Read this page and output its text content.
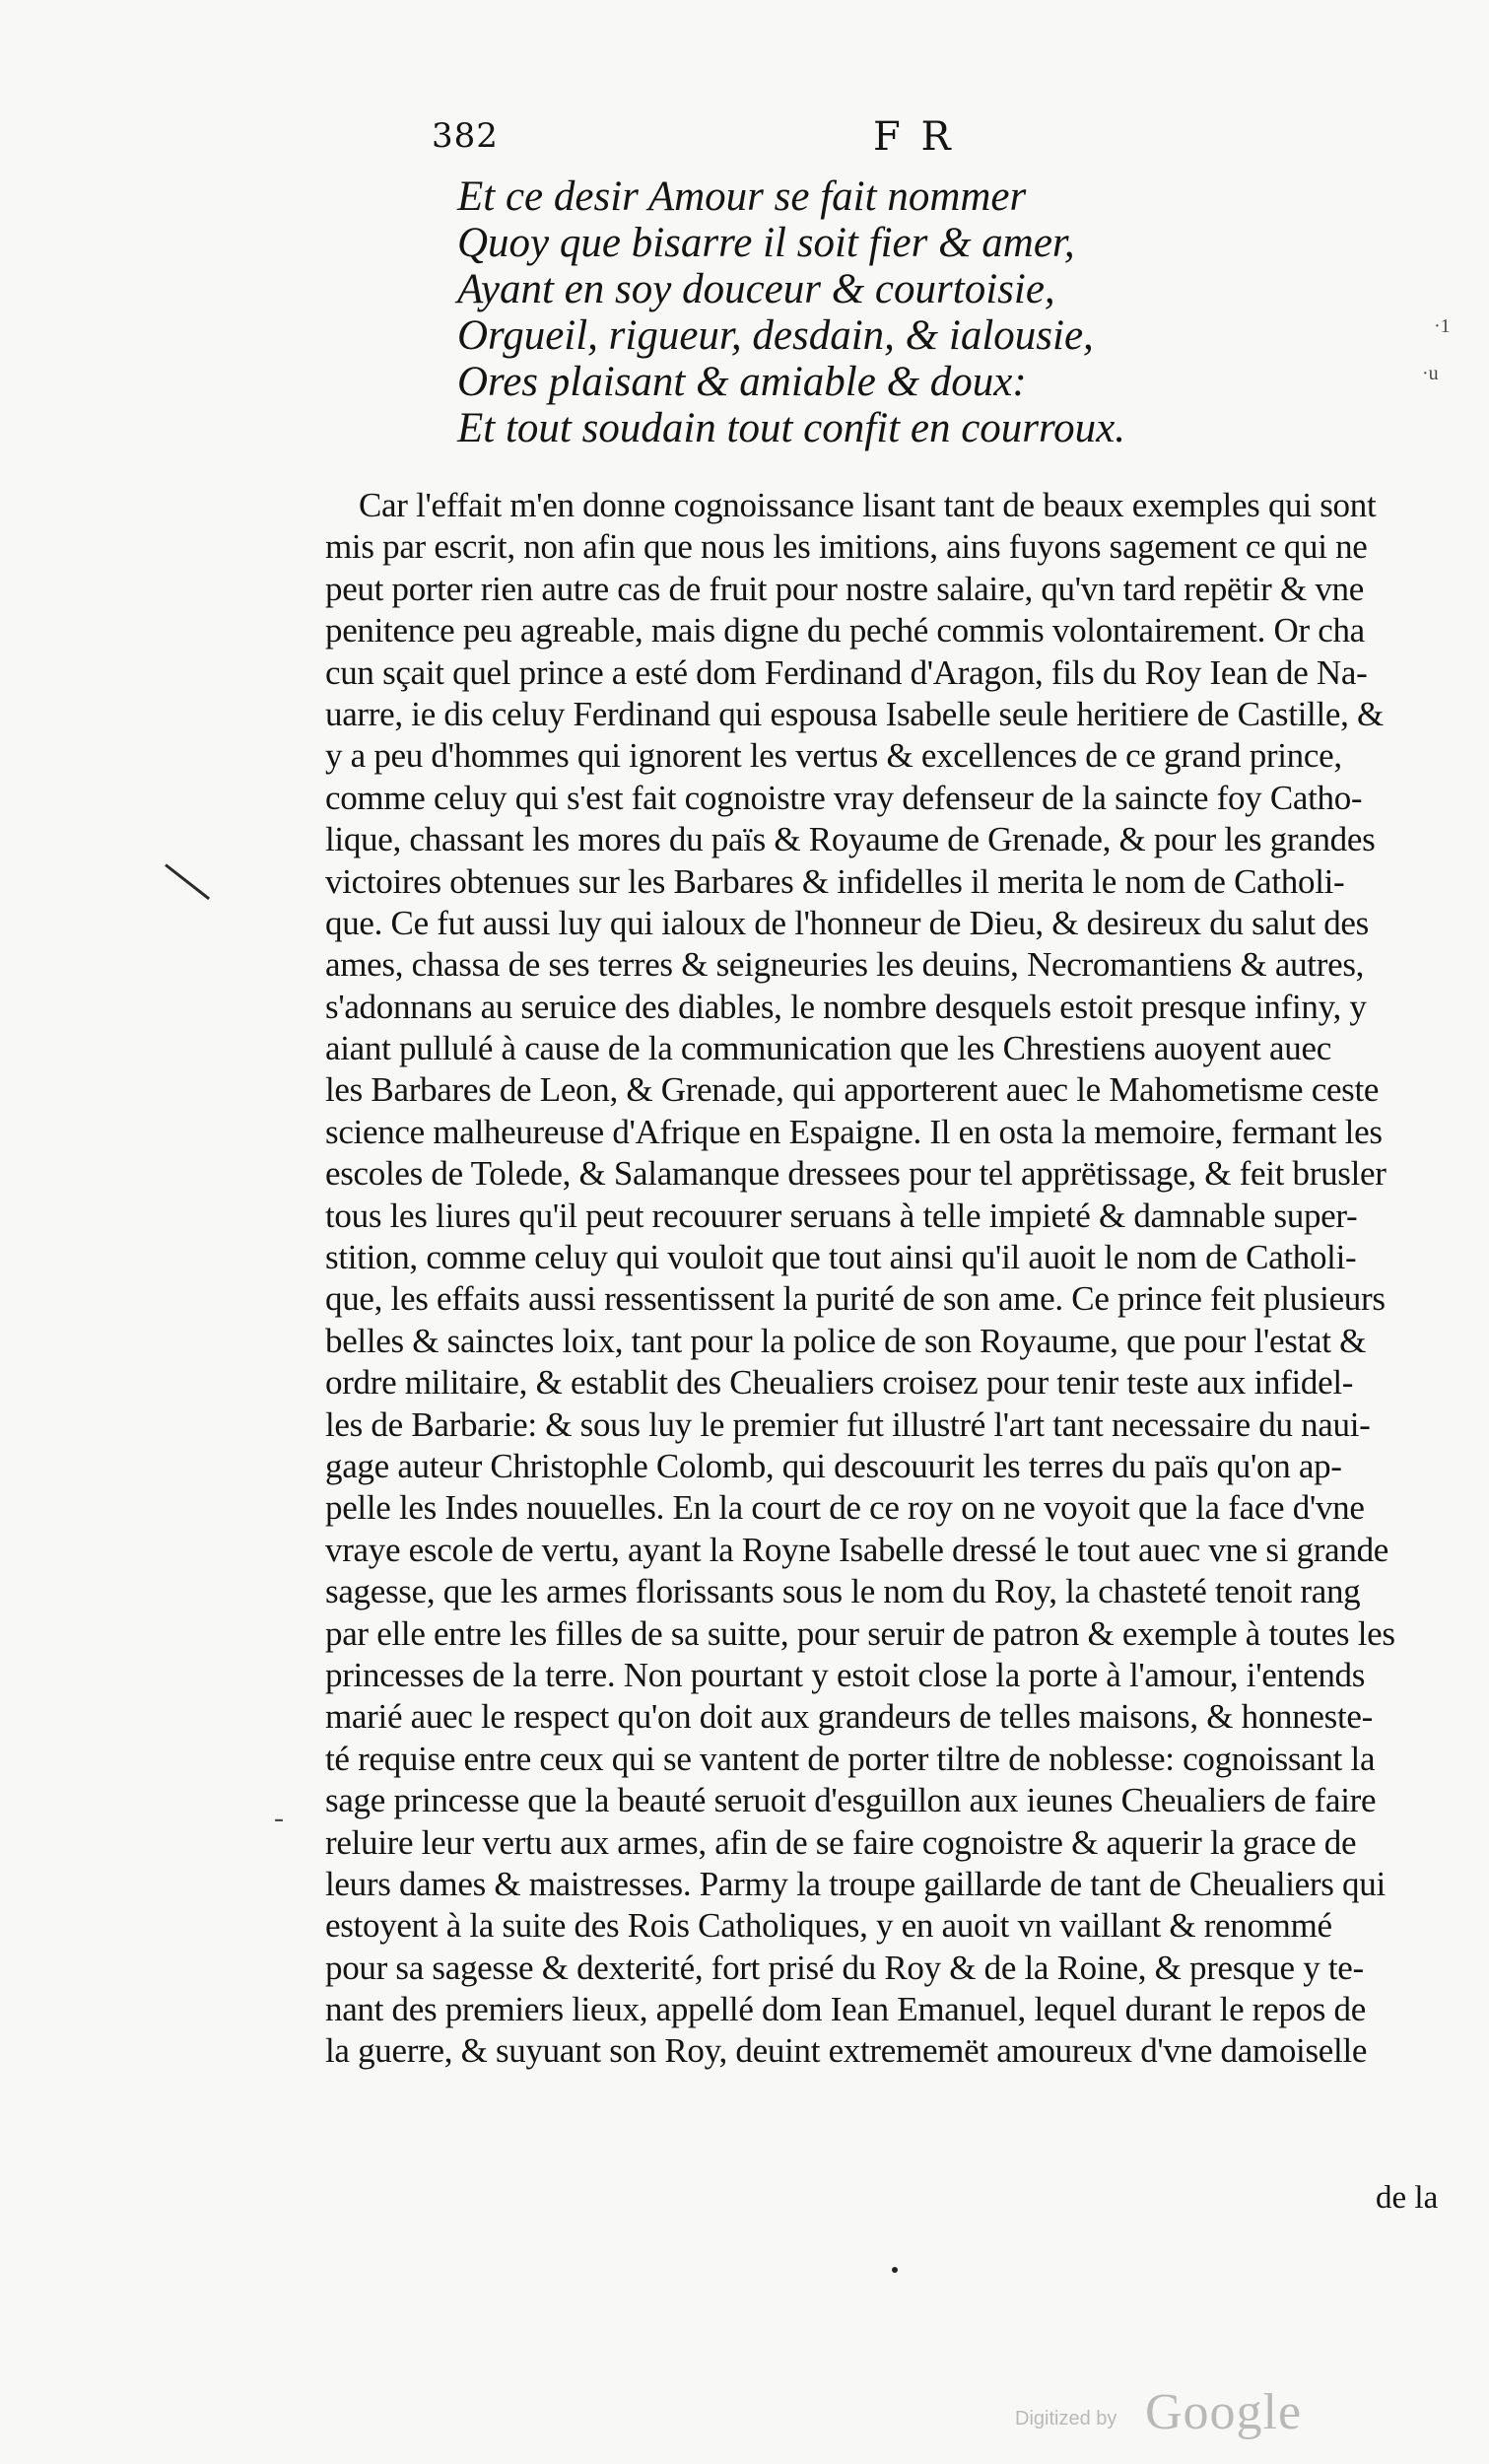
382	F R
Et ce desir Amour se fait nommer
Quoy que bisarre il soit fier & amer,
Ayant en soy douceur & courtoisie,
Orgueil, rigueur, desdain, & ialousie,
Ores plaisant & amiable & doux:
Et tout soudain tout confit en courroux.
Car l'effait m'en donne cognoissance lisant tant de beaux exemples qui sont
mis par escrit, non afin que nous les imitions, ains fuyons sagement ce qui ne
peut porter rien autre cas de fruit pour nostre salaire, qu'vn tard repëtir & vne
penitence peu agreable, mais digne du peché commis volontairement. Or cha
cun sçait quel prince a esté dom Ferdinand d'Aragon, fils du Roy Iean de Na-
uarre, ie dis celuy Ferdinand qui espousa Isabelle seule heritiere de Castille, &
y a peu d'hommes qui ignorent les vertus & excellences de ce grand prince,
comme celuy qui s'est fait cognoistre vray defenseur de la saincte foy Catho-
lique, chassant les mores du païs & Royaume de Grenade, & pour les grandes
victoires obtenues sur les Barbares & infidelles il merita le nom de Catholi-
que. Ce fut aussi luy qui ialoux de l'honneur de Dieu, & desireux du salut des
ames, chassa de ses terres & seigneuries les deuins, Necromantiens & autres,
s'adonnans au seruice des diables, le nombre desquels estoit presque infiny, y
aiant pullulé à cause de la communication que les Chrestiens auoyent auec
les Barbares de Leon, & Grenade, qui apporterent auec le Mahometisme ceste
science malheureuse d'Afrique en Espaigne. Il en osta la memoire, fermant les
escoles de Tolede, & Salamanque dressees pour tel apprëtissage, & feit brusler
tous les liures qu'il peut recouurer seruans à telle impieté & damnable super-
stition, comme celuy qui vouloit que tout ainsi qu'il auoit le nom de Catholi-
que, les effaits aussi ressentissent la purité de son ame. Ce prince feit plusieurs
belles & sainctes loix, tant pour la police de son Royaume, que pour l'estat &
ordre militaire, & establit des Cheualiers croisez pour tenir teste aux infidel-
les de Barbarie: & sous luy le premier fut illustré l'art tant necessaire du naui-
gage auteur Christophle Colomb, qui descouurit les terres du païs qu'on ap-
pelle les Indes nouuelles. En la court de ce roy on ne voyoit que la face d'vne
vraye escole de vertu, ayant la Royne Isabelle dressé le tout auec vne si grande
sagesse, que les armes florissants sous le nom du Roy, la chasteté tenoit rang
par elle entre les filles de sa suitte, pour seruir de patron & exemple à toutes les
princesses de la terre. Non pourtant y estoit close la porte à l'amour, i'entends
marié auec le respect qu'on doit aux grandeurs de telles maisons, & honneste-
té requise entre ceux qui se vantent de porter tiltre de noblesse: cognoissant la
sage princesse que la beauté seruoit d'esguillon aux ieunes Cheualiers de faire
reluire leur vertu aux armes, afin de se faire cognoistre & aquerir la grace de
leurs dames & maistresses. Parmy la troupe gaillarde de tant de Cheualiers qui
estoyent à la suite des Rois Catholiques, y en auoit vn vaillant & renommé
pour sa sagesse & dexterité, fort prisé du Roy & de la Roine, & presque y te-
nant des premiers lieux, appellé dom Iean Emanuel, lequel durant le repos de
la guerre, & suyuant son Roy, deuint extrememët amoureux d'vne damoiselle
de la
·1
·u
-
Digitized by Google
